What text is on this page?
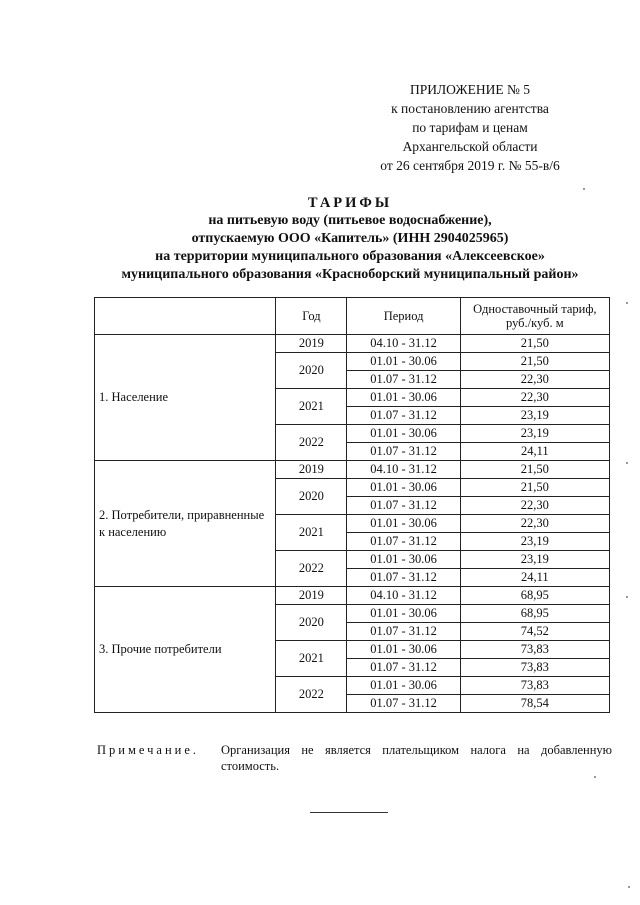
ПРИЛОЖЕНИЕ № 5
к постановлению агентства
по тарифам и ценам
Архангельской области
от 26 сентября 2019 г. № 55-в/6
ТАРИФЫ
на питьевую воду (питьевое водоснабжение),
отпускаемую ООО «Капитель» (ИНН 2904025965)
на территории муниципального образования «Алексеевское»
муниципального образования «Красноборский муниципальный район»
	Год	Период	Одноставочный тариф, руб./куб. м
1. Население	2019	04.10 - 31.12	21,50
	2020	01.01 - 30.06	21,50
		01.07 - 31.12	22,30
	2021	01.01 - 30.06	22,30
		01.07 - 31.12	23,19
	2022	01.01 - 30.06	23,19
		01.07 - 31.12	24,11
2. Потребители, приравненные к населению	2019	04.10 - 31.12	21,50
	2020	01.01 - 30.06	21,50
		01.07 - 31.12	22,30
	2021	01.01 - 30.06	22,30
		01.07 - 31.12	23,19
	2022	01.01 - 30.06	23,19
		01.07 - 31.12	24,11
3. Прочие потребители	2019	04.10 - 31.12	68,95
	2020	01.01 - 30.06	68,95
		01.07 - 31.12	74,52
	2021	01.01 - 30.06	73,83
		01.07 - 31.12	73,83
	2022	01.01 - 30.06	73,83
		01.07 - 31.12	78,54
Примечание.	Организация не является плательщиком налога на добавленную стоимость.
